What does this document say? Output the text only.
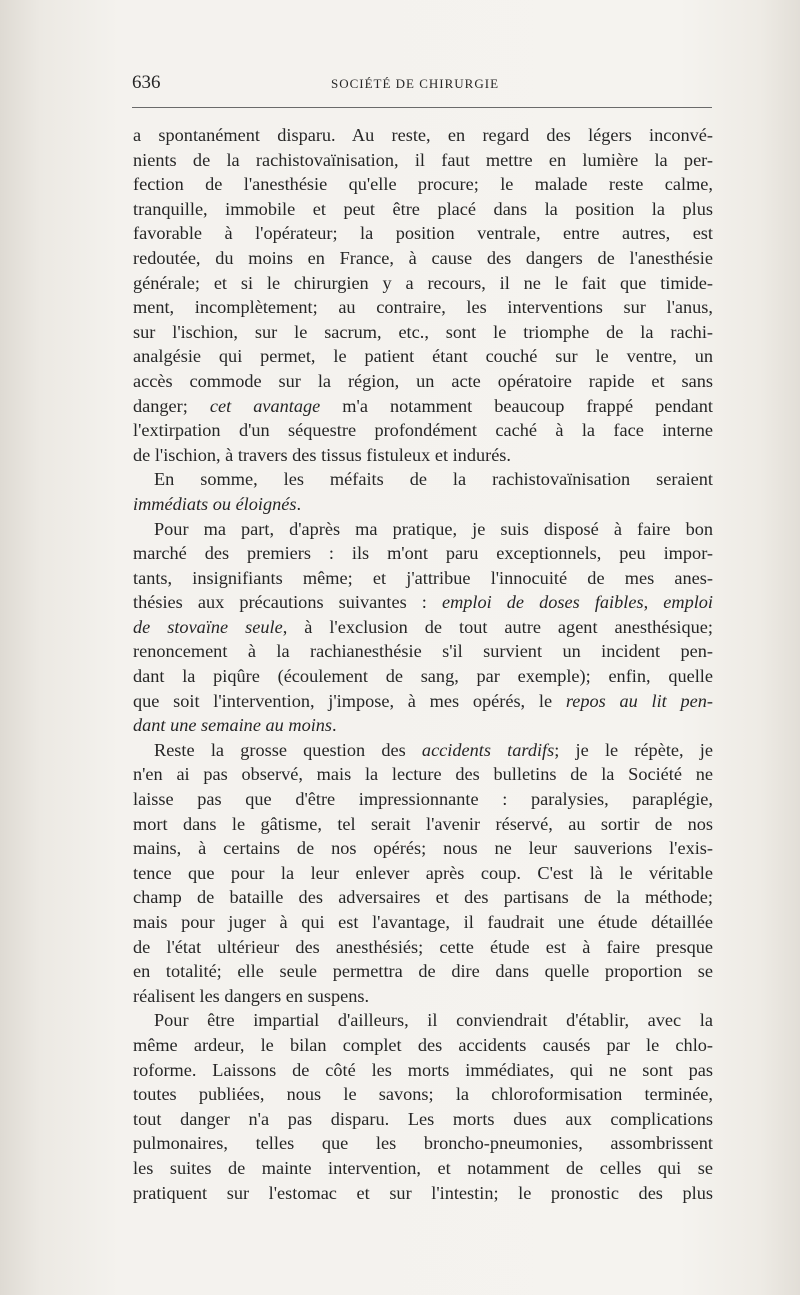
636	SOCIÉTÉ DE CHIRURGIE
a spontanément disparu. Au reste, en regard des légers inconvé-
nients de la rachistovaïnisation, il faut mettre en lumière la per-
fection de l'anesthésie qu'elle procure; le malade reste calme,
tranquille, immobile et peut être placé dans la position la plus
favorable à l'opérateur; la position ventrale, entre autres, est
redoutée, du moins en France, à cause des dangers de l'anesthésie
générale; et si le chirurgien y a recours, il ne le fait que timide-
ment, incomplètement; au contraire, les interventions sur l'anus,
sur l'ischion, sur le sacrum, etc., sont le triomphe de la rachi-
analgésie qui permet, le patient étant couché sur le ventre, un
accès commode sur la région, un acte opératoire rapide et sans
danger; cet avantage m'a notamment beaucoup frappé pendant
l'extirpation d'un séquestre profondément caché à la face interne
de l'ischion, à travers des tissus fistuleux et indurés.
En somme, les méfaits de la rachistovaïnisation seraient
immédiats ou éloignés.
Pour ma part, d'après ma pratique, je suis disposé à faire bon
marché des premiers : ils m'ont paru exceptionnels, peu impor-
tants, insignifiants même; et j'attribue l'innocuité de mes anes-
thésies aux précautions suivantes : emploi de doses faibles, emploi
de stovaïne seule, à l'exclusion de tout autre agent anesthésique;
renoncement à la rachianesthésie s'il survient un incident pen-
dant la piqûre (écoulement de sang, par exemple); enfin, quelle
que soit l'intervention, j'impose, à mes opérés, le repos au lit pen-
dant une semaine au moins.
Reste la grosse question des accidents tardifs; je le répète, je
n'en ai pas observé, mais la lecture des bulletins de la Société ne
laisse pas que d'être impressionnante : paralysies, paraplégie,
mort dans le gâtisme, tel serait l'avenir réservé, au sortir de nos
mains, à certains de nos opérés; nous ne leur sauverions l'exis-
tence que pour la leur enlever après coup. C'est là le véritable
champ de bataille des adversaires et des partisans de la méthode;
mais pour juger à qui est l'avantage, il faudrait une étude détaillée
de l'état ultérieur des anesthésiés; cette étude est à faire presque
en totalité; elle seule permettra de dire dans quelle proportion se
réalisent les dangers en suspens.
Pour être impartial d'ailleurs, il conviendrait d'établir, avec la
même ardeur, le bilan complet des accidents causés par le chlo-
roforme. Laissons de côté les morts immédiates, qui ne sont pas
toutes publiées, nous le savons; la chloroformisation terminée,
tout danger n'a pas disparu. Les morts dues aux complications
pulmonaires, telles que les broncho-pneumonies, assombrissent
les suites de mainte intervention, et notamment de celles qui se
pratiquent sur l'estomac et sur l'intestin; le pronostic des plus
